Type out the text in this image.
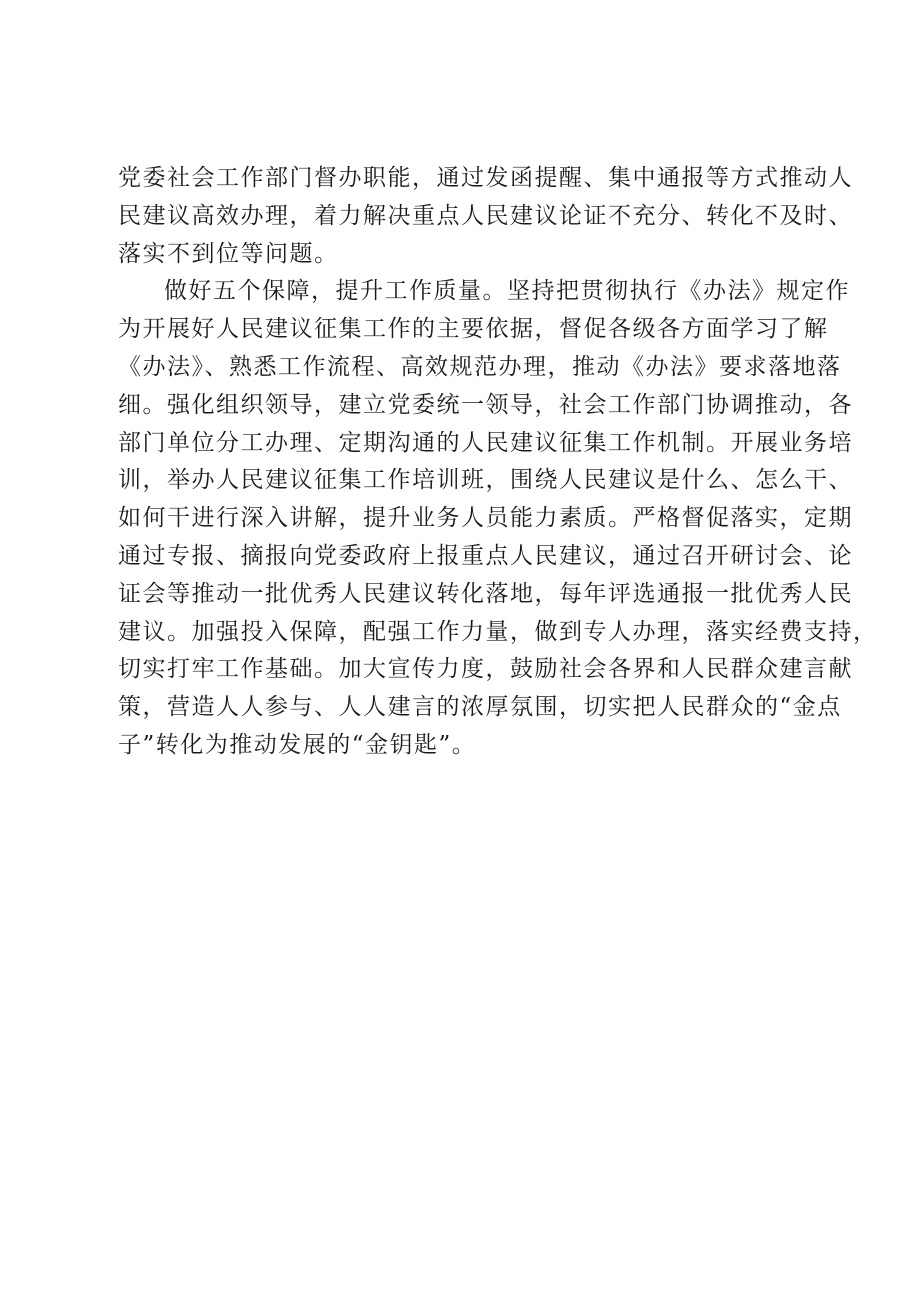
党委社会工作部门督办职能，通过发函提醒、集中通报等方式推动人
民建议高效办理，着力解决重点人民建议论证不充分、转化不及时、
落实不到位等问题。
做好五个保障，提升工作质量。坚持把贯彻执行《办法》规定作
为开展好人民建议征集工作的主要依据，督促各级各方面学习了解
《办法》、熟悉工作流程、高效规范办理，推动《办法》要求落地落
细。强化组织领导，建立党委统一领导，社会工作部门协调推动，各
部门单位分工办理、定期沟通的人民建议征集工作机制。开展业务培
训，举办人民建议征集工作培训班，围绕人民建议是什么、怎么干、
如何干进行深入讲解，提升业务人员能力素质。严格督促落实，定期
通过专报、摘报向党委政府上报重点人民建议，通过召开研讨会、论
证会等推动一批优秀人民建议转化落地，每年评选通报一批优秀人民
建议。加强投入保障，配强工作力量，做到专人办理，落实经费支持，
切实打牢工作基础。加大宣传力度，鼓励社会各界和人民群众建言献
策，营造人人参与、人人建言的浓厚氛围，切实把人民群众的“金点
子”转化为推动发展的“金钥匙”。
